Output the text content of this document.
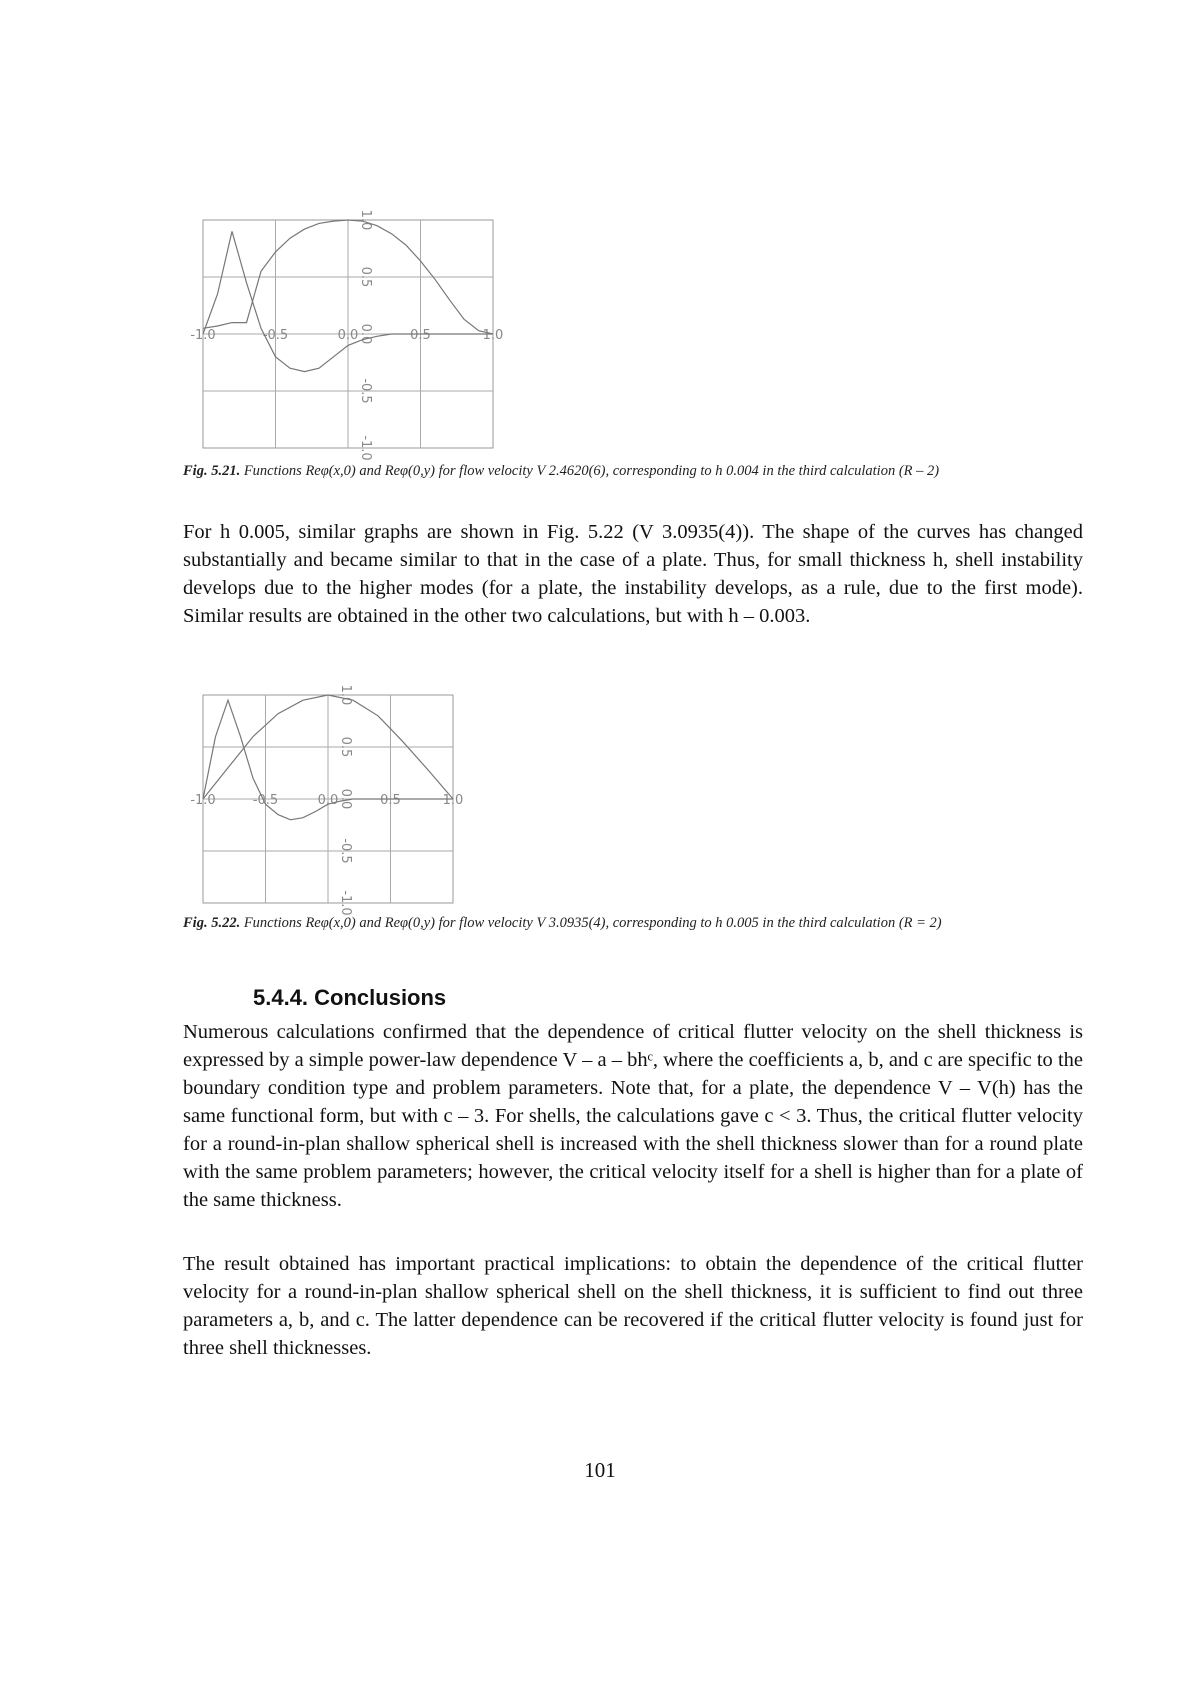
-1.0	-0.5	0.0	0.5	1.0
-1.0
-0.5
0.0
0.5
1.0
Fig. 5.21. Functions Reφ(x,0) and Reφ(0,y) for flow velocity V 2.4620(6), corresponding to h 0.004 in the third calculation (R – 2)
For h 0.005, similar graphs are shown in Fig. 5.22 (V 3.0935(4)). The shape of the curves has changed substantially and became similar to that in the case of a plate. Thus, for small thickness h, shell instability develops due to the higher modes (for a plate, the instability develops, as a rule, due to the first mode). Similar results are obtained in the other two calculations, but with h – 0.003.
-1.0	-0.5	0.0	0.5	1.0
-1.0
-0.5
0.0
0.5
1.0
Fig. 5.22. Functions Reφ(x,0) and Reφ(0,y) for flow velocity V 3.0935(4), corresponding to h 0.005 in the third calculation (R = 2)
5.4.4. Conclusions
Numerous calculations confirmed that the dependence of critical flutter velocity on the shell thickness is expressed by a simple power-law dependence V – a – bhᶜ, where the coefficients a, b, and c are specific to the boundary condition type and problem parameters. Note that, for a plate, the dependence V – V(h) has the same functional form, but with c – 3. For shells, the calculations gave c < 3. Thus, the critical flutter velocity for a round-in-plan shallow spherical shell is increased with the shell thickness slower than for a round plate with the same problem parameters; however, the critical velocity itself for a shell is higher than for a plate of the same thickness.
The result obtained has important practical implications: to obtain the dependence of the critical flutter velocity for a round-in-plan shallow spherical shell on the shell thickness, it is sufficient to find out three parameters a, b, and c. The latter dependence can be recovered if the critical flutter velocity is found just for three shell thicknesses.
101
